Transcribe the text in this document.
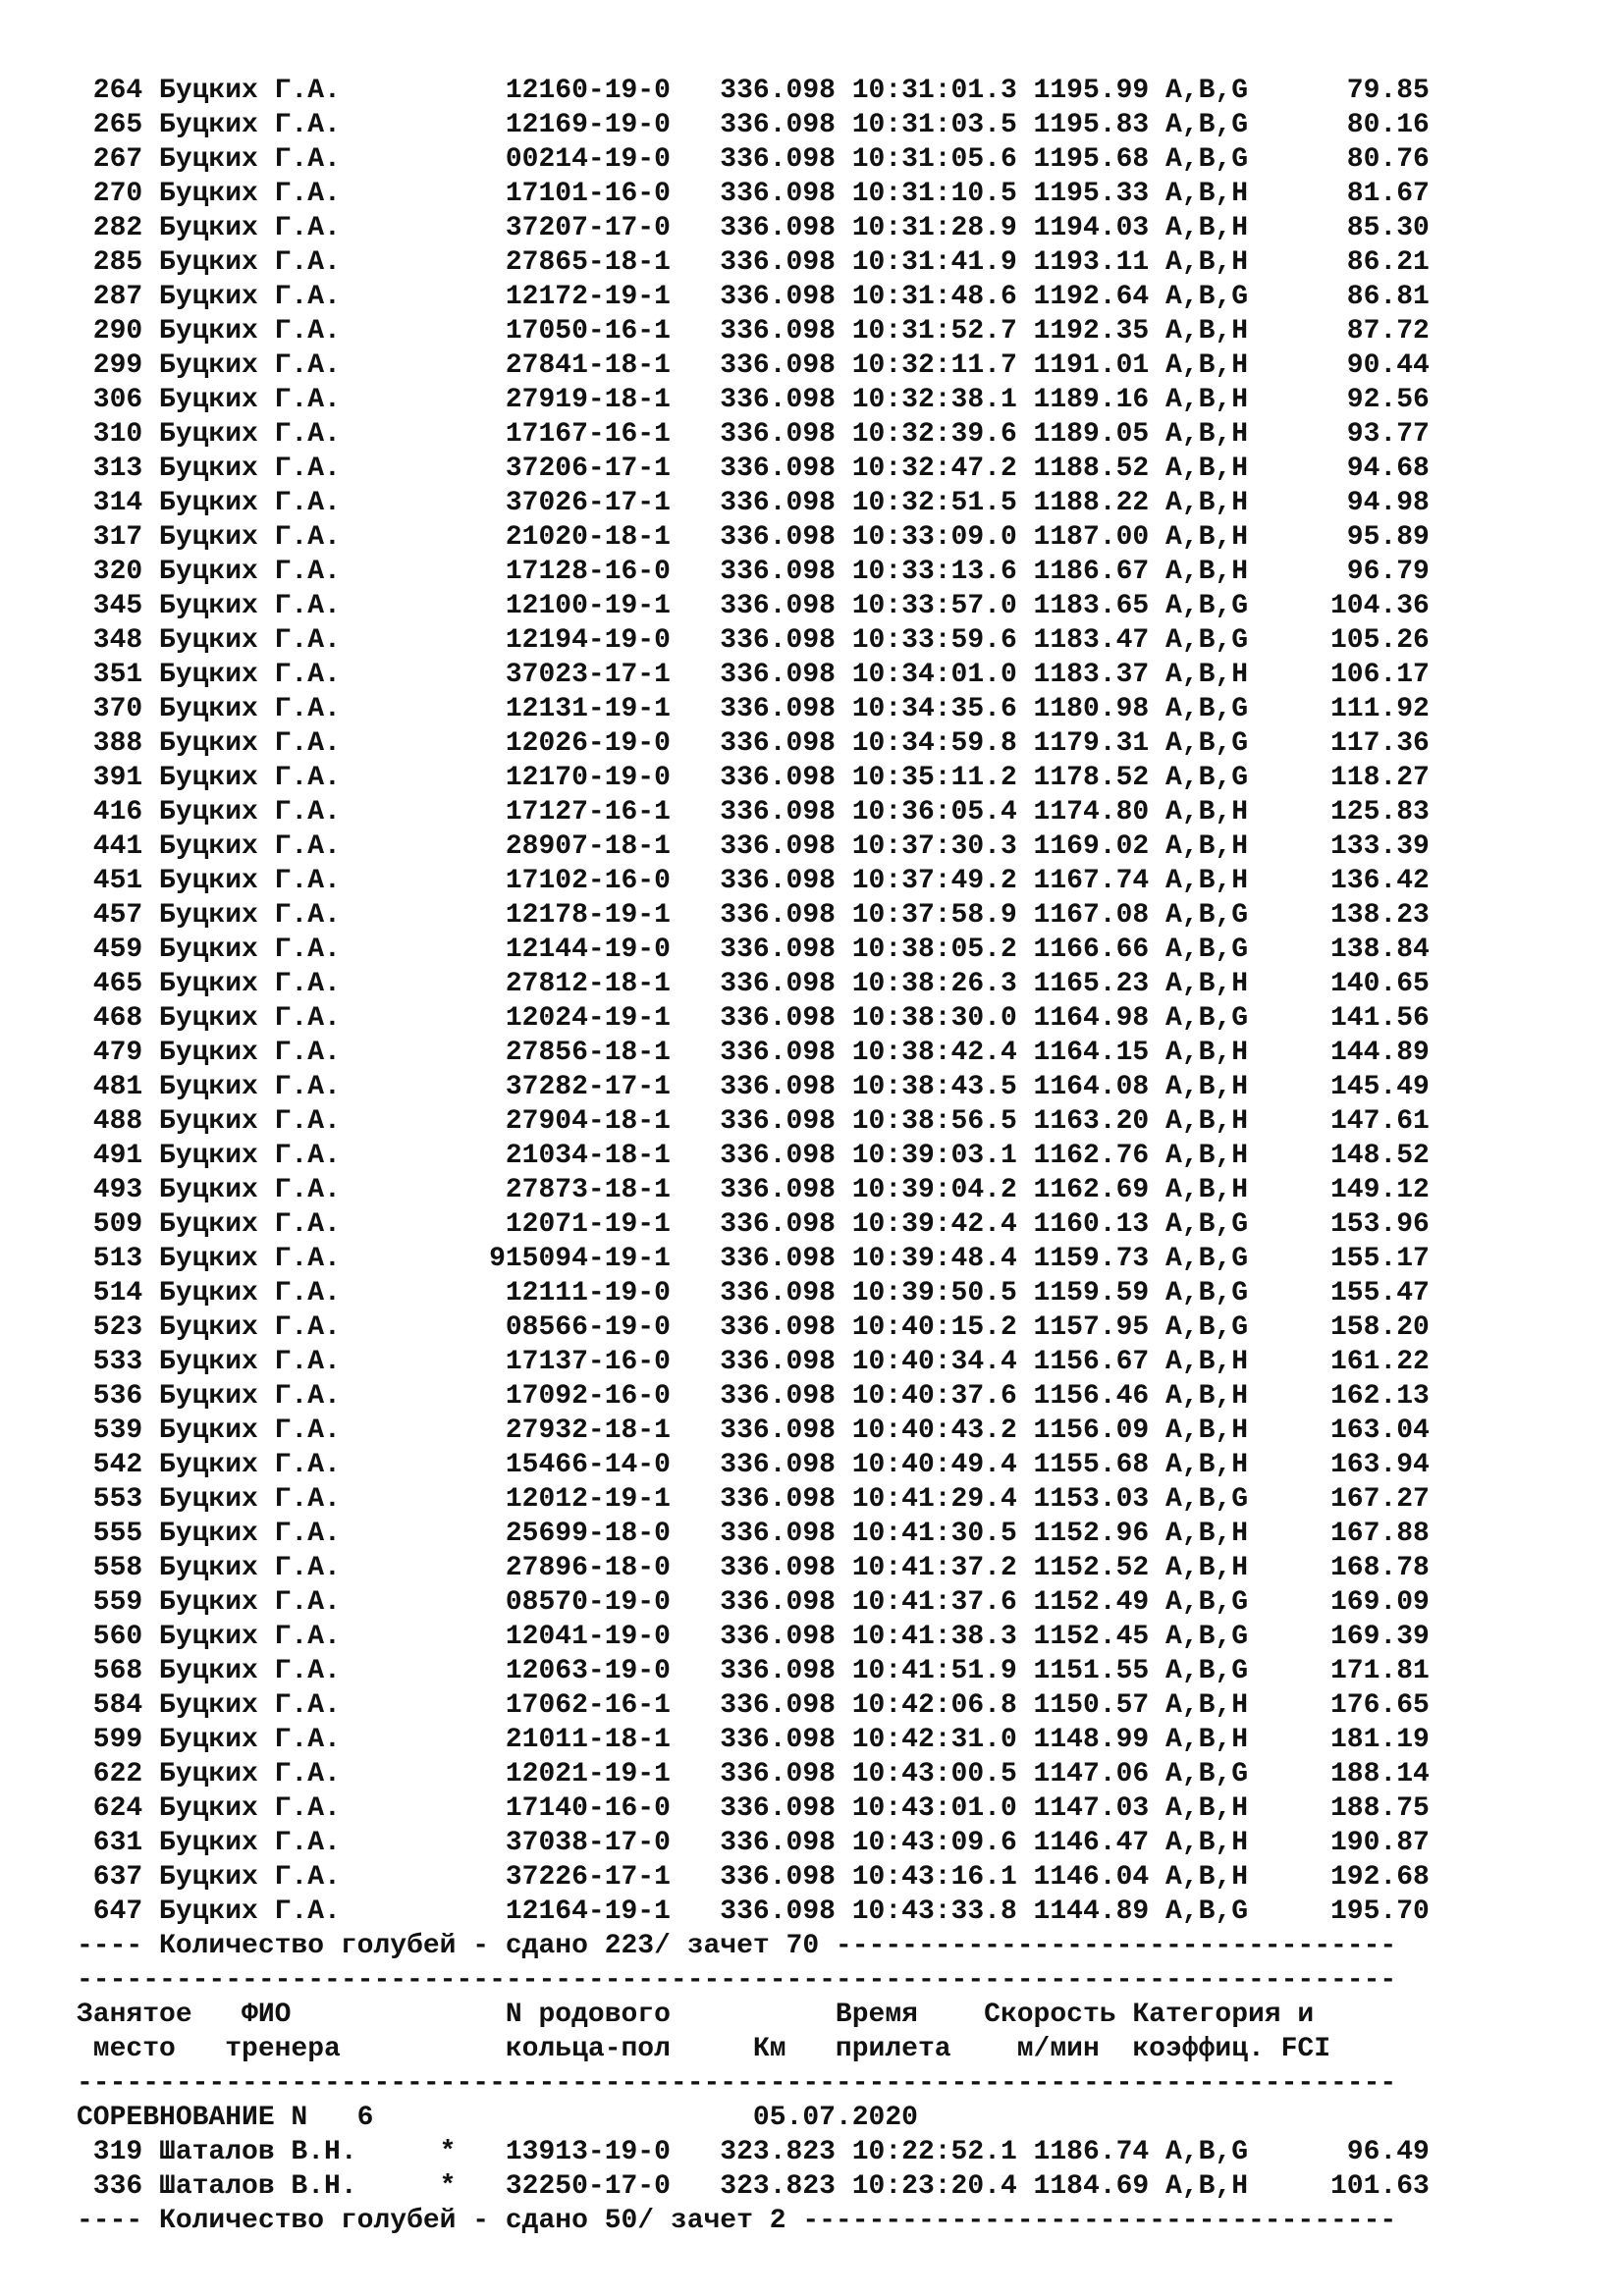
264 Буцких Г.А.          12160-19-0   336.098 10:31:01.3 1195.99 A,B,G      79.85
265 Буцких Г.А.          12169-19-0   336.098 10:31:03.5 1195.83 A,B,G      80.16
267 Буцких Г.А.          00214-19-0   336.098 10:31:05.6 1195.68 A,B,G      80.76
270 Буцких Г.А.          17101-16-0   336.098 10:31:10.5 1195.33 A,B,H      81.67
282 Буцких Г.А.          37207-17-0   336.098 10:31:28.9 1194.03 A,B,H      85.30
285 Буцких Г.А.          27865-18-1   336.098 10:31:41.9 1193.11 A,B,H      86.21
287 Буцких Г.А.          12172-19-1   336.098 10:31:48.6 1192.64 A,B,G      86.81
290 Буцких Г.А.          17050-16-1   336.098 10:31:52.7 1192.35 A,B,H      87.72
299 Буцких Г.А.          27841-18-1   336.098 10:32:11.7 1191.01 A,B,H      90.44
306 Буцких Г.А.          27919-18-1   336.098 10:32:38.1 1189.16 A,B,H      92.56
310 Буцких Г.А.          17167-16-1   336.098 10:32:39.6 1189.05 A,B,H      93.77
313 Буцких Г.А.          37206-17-1   336.098 10:32:47.2 1188.52 A,B,H      94.68
314 Буцких Г.А.          37026-17-1   336.098 10:32:51.5 1188.22 A,B,H      94.98
317 Буцких Г.А.          21020-18-1   336.098 10:33:09.0 1187.00 A,B,H      95.89
320 Буцких Г.А.          17128-16-0   336.098 10:33:13.6 1186.67 A,B,H      96.79
345 Буцких Г.А.          12100-19-1   336.098 10:33:57.0 1183.65 A,B,G     104.36
348 Буцких Г.А.          12194-19-0   336.098 10:33:59.6 1183.47 A,B,G     105.26
351 Буцких Г.А.          37023-17-1   336.098 10:34:01.0 1183.37 A,B,H     106.17
370 Буцких Г.А.          12131-19-1   336.098 10:34:35.6 1180.98 A,B,G     111.92
388 Буцких Г.А.          12026-19-0   336.098 10:34:59.8 1179.31 A,B,G     117.36
391 Буцких Г.А.          12170-19-0   336.098 10:35:11.2 1178.52 A,B,G     118.27
416 Буцких Г.А.          17127-16-1   336.098 10:36:05.4 1174.80 A,B,H     125.83
441 Буцких Г.А.          28907-18-1   336.098 10:37:30.3 1169.02 A,B,H     133.39
451 Буцких Г.А.          17102-16-0   336.098 10:37:49.2 1167.74 A,B,H     136.42
457 Буцких Г.А.          12178-19-1   336.098 10:37:58.9 1167.08 A,B,G     138.23
459 Буцких Г.А.          12144-19-0   336.098 10:38:05.2 1166.66 A,B,G     138.84
465 Буцких Г.А.          27812-18-1   336.098 10:38:26.3 1165.23 A,B,H     140.65
468 Буцких Г.А.          12024-19-1   336.098 10:38:30.0 1164.98 A,B,G     141.56
479 Буцких Г.А.          27856-18-1   336.098 10:38:42.4 1164.15 A,B,H     144.89
481 Буцких Г.А.          37282-17-1   336.098 10:38:43.5 1164.08 A,B,H     145.49
488 Буцких Г.А.          27904-18-1   336.098 10:38:56.5 1163.20 A,B,H     147.61
491 Буцких Г.А.          21034-18-1   336.098 10:39:03.1 1162.76 A,B,H     148.52
493 Буцких Г.А.          27873-18-1   336.098 10:39:04.2 1162.69 A,B,H     149.12
509 Буцких Г.А.          12071-19-1   336.098 10:39:42.4 1160.13 A,B,G     153.96
513 Буцких Г.А.         915094-19-1   336.098 10:39:48.4 1159.73 A,B,G     155.17
514 Буцких Г.А.          12111-19-0   336.098 10:39:50.5 1159.59 A,B,G     155.47
523 Буцких Г.А.          08566-19-0   336.098 10:40:15.2 1157.95 A,B,G     158.20
533 Буцких Г.А.          17137-16-0   336.098 10:40:34.4 1156.67 A,B,H     161.22
536 Буцких Г.А.          17092-16-0   336.098 10:40:37.6 1156.46 A,B,H     162.13
539 Буцких Г.А.          27932-18-1   336.098 10:40:43.2 1156.09 A,B,H     163.04
542 Буцких Г.А.          15466-14-0   336.098 10:40:49.4 1155.68 A,B,H     163.94
553 Буцких Г.А.          12012-19-1   336.098 10:41:29.4 1153.03 A,B,G     167.27
555 Буцких Г.А.          25699-18-0   336.098 10:41:30.5 1152.96 A,B,H     167.88
558 Буцких Г.А.          27896-18-0   336.098 10:41:37.2 1152.52 A,B,H     168.78
559 Буцких Г.А.          08570-19-0   336.098 10:41:37.6 1152.49 A,B,G     169.09
560 Буцких Г.А.          12041-19-0   336.098 10:41:38.3 1152.45 A,B,G     169.39
568 Буцких Г.А.          12063-19-0   336.098 10:41:51.9 1151.55 A,B,G     171.81
584 Буцких Г.А.          17062-16-1   336.098 10:42:06.8 1150.57 A,B,H     176.65
599 Буцких Г.А.          21011-18-1   336.098 10:42:31.0 1148.99 A,B,H     181.19
622 Буцких Г.А.          12021-19-1   336.098 10:43:00.5 1147.06 A,B,G     188.14
624 Буцких Г.А.          17140-16-0   336.098 10:43:01.0 1147.03 A,B,H     188.75
631 Буцких Г.А.          37038-17-0   336.098 10:43:09.6 1146.47 A,B,H     190.87
637 Буцких Г.А.          37226-17-1   336.098 10:43:16.1 1146.04 A,B,H     192.68
647 Буцких Г.А.          12164-19-1   336.098 10:43:33.8 1144.89 A,B,G     195.70
---- Количество голубей - сдано 223/ зачет 70 ----------------------------------
--------------------------------------------------------------------------------
Занятое   ФИО             N родового          Время    Скорость Категория и
место   тренера          кольца-пол     Км   прилета    м/мин  коэффиц. FCI
--------------------------------------------------------------------------------
СОРЕВНОВАНИЕ N   6                       05.07.2020
319 Шаталов В.Н.     *   13913-19-0   323.823 10:22:52.1 1186.74 A,B,G      96.49
336 Шаталов В.Н.     *   32250-17-0   323.823 10:23:20.4 1184.69 A,B,H     101.63
---- Количество голубей - сдано 50/ зачет 2 ------------------------------------
